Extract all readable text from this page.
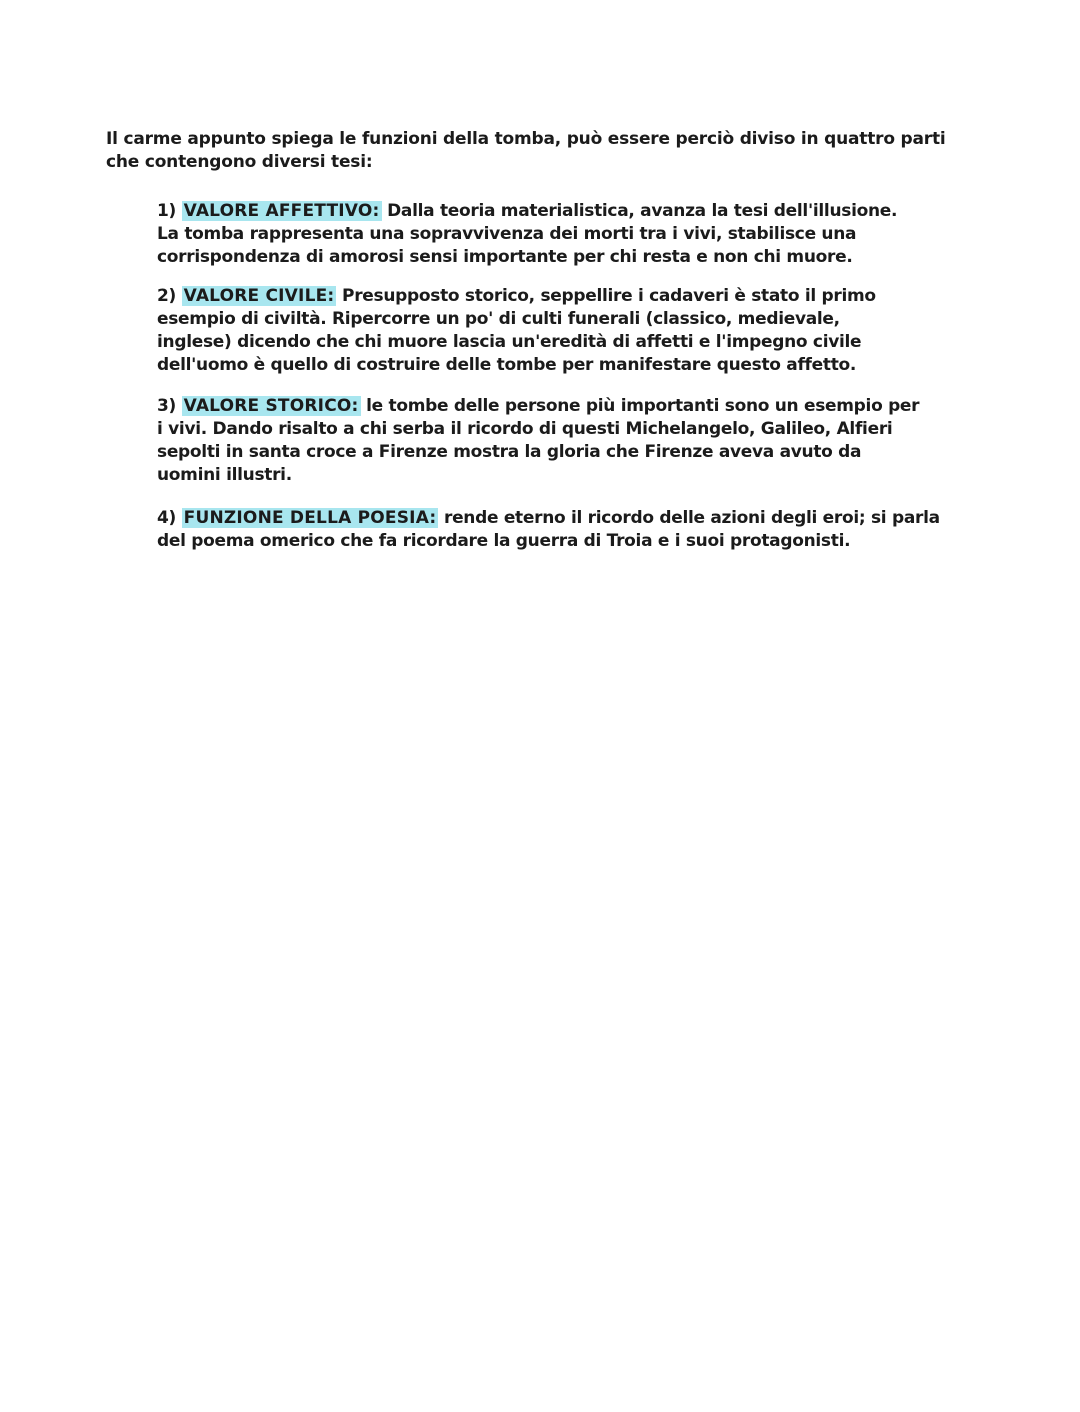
Il carme appunto spiega le funzioni della tomba, può essere perciò diviso in quattro parti
che contengono diversi tesi:
1) VALORE AFFETTIVO: Dalla teoria materialistica, avanza la tesi dell'illusione.
La tomba rappresenta una sopravvivenza dei morti tra i vivi, stabilisce una
corrispondenza di amorosi sensi importante per chi resta e non chi muore.
2) VALORE CIVILE: Presupposto storico, seppellire i cadaveri è stato il primo
esempio di civiltà. Ripercorre un po' di culti funerali (classico, medievale,
inglese) dicendo che chi muore lascia un'eredità di affetti e l'impegno civile
dell'uomo è quello di costruire delle tombe per manifestare questo affetto.
3) VALORE STORICO: le tombe delle persone più importanti sono un esempio per
i vivi. Dando risalto a chi serba il ricordo di questi Michelangelo, Galileo, Alfieri
sepolti in santa croce a Firenze mostra la gloria che Firenze aveva avuto da
uomini illustri.
4) FUNZIONE DELLA POESIA: rende eterno il ricordo delle azioni degli eroi; si parla
del poema omerico che fa ricordare la guerra di Troia e i suoi protagonisti.
